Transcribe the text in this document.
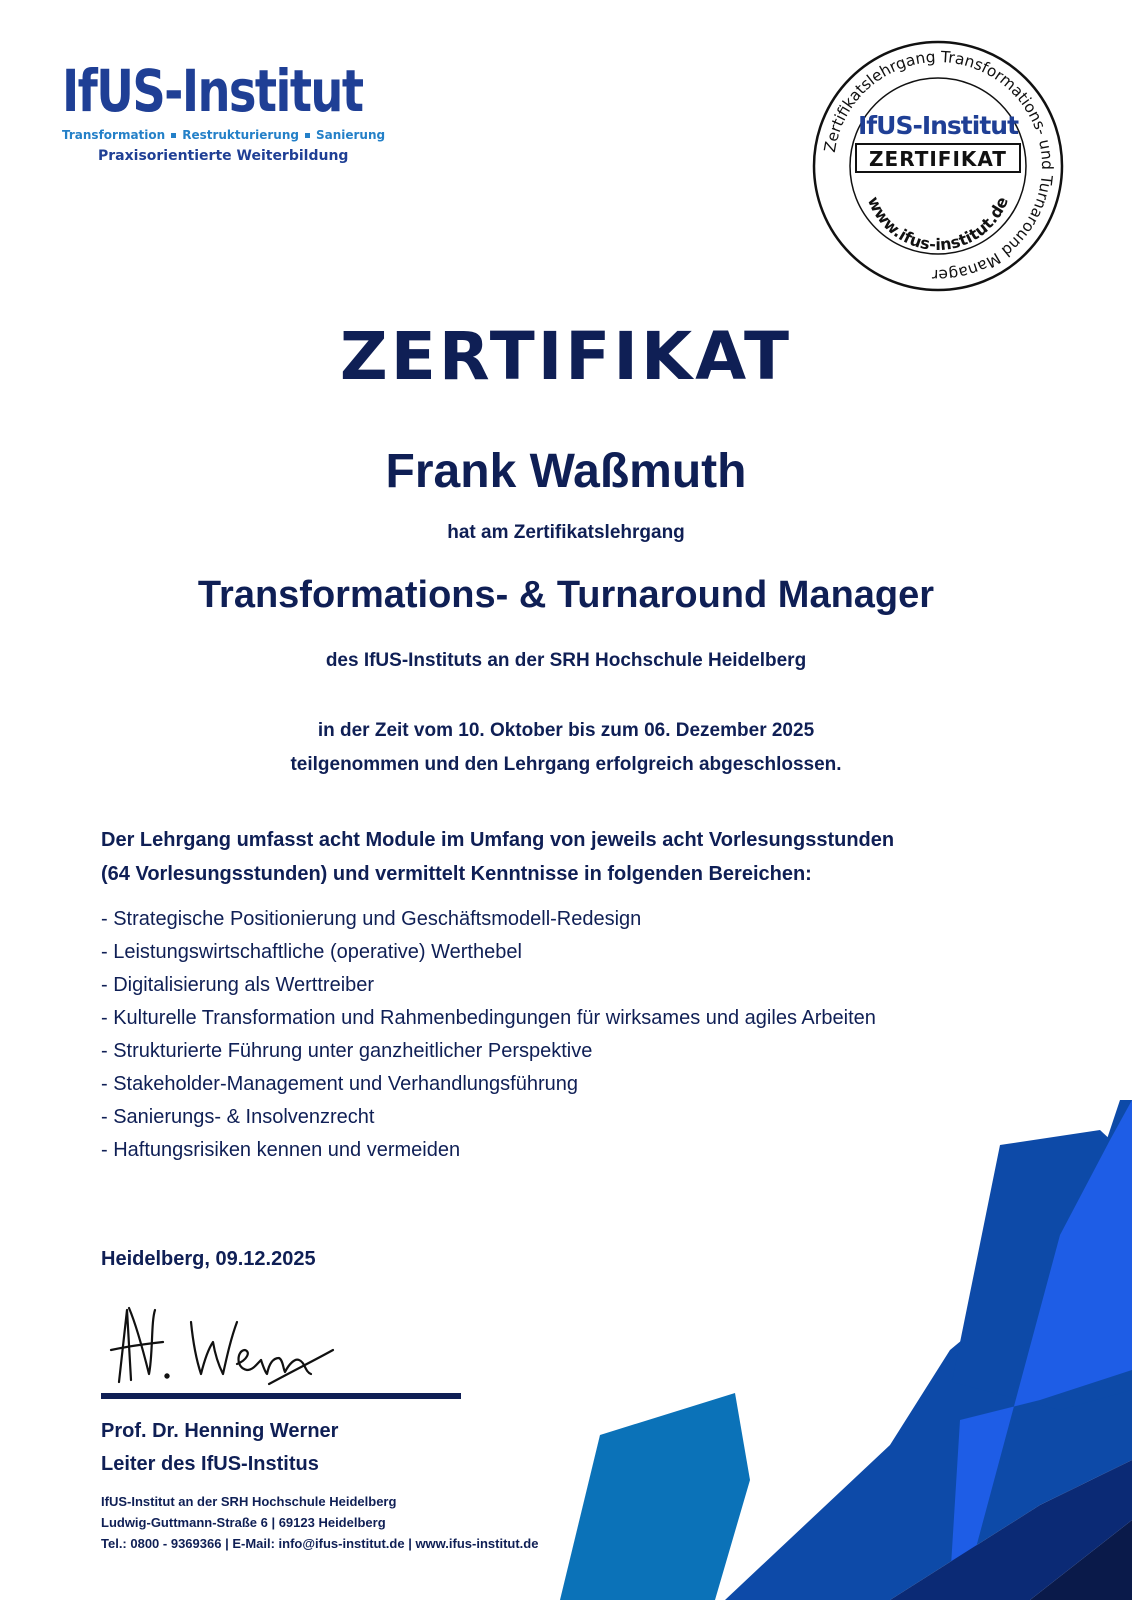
IfUS-Institut
Transformation Restrukturierung Sanierung
Praxisorientierte Weiterbildung
Zertifikatslehrgang Transformations- und Turnaround Manager
IfUS-Institut
ZERTIFIKAT
www.ifus-institut.de
ZERTIFIKAT
Frank Waßmuth
hat am Zertifikatslehrgang
Transformations- & Turnaround Manager
des IfUS-Instituts an der SRH Hochschule Heidelberg
in der Zeit vom 10. Oktober bis zum 06. Dezember 2025
teilgenommen und den Lehrgang erfolgreich abgeschlossen.
Der Lehrgang umfasst acht Module im Umfang von jeweils acht Vorlesungsstunden
(64 Vorlesungsstunden) und vermittelt Kenntnisse in folgenden Bereichen:
- Strategische Positionierung und Geschäftsmodell-Redesign
- Leistungswirtschaftliche (operative) Werthebel
- Digitalisierung als Werttreiber
- Kulturelle Transformation und Rahmenbedingungen für wirksames und agiles Arbeiten
- Strukturierte Führung unter ganzheitlicher Perspektive
- Stakeholder-Management und Verhandlungsführung
- Sanierungs- & Insolvenzrecht
- Haftungsrisiken kennen und vermeiden
Heidelberg, 09.12.2025
Prof. Dr. Henning Werner
Leiter des IfUS-Institus
IfUS-Institut an der SRH Hochschule Heidelberg
Ludwig-Guttmann-Straße 6 | 69123 Heidelberg
Tel.: 0800 - 9369366 | E-Mail: info@ifus-institut.de | www.ifus-institut.de
